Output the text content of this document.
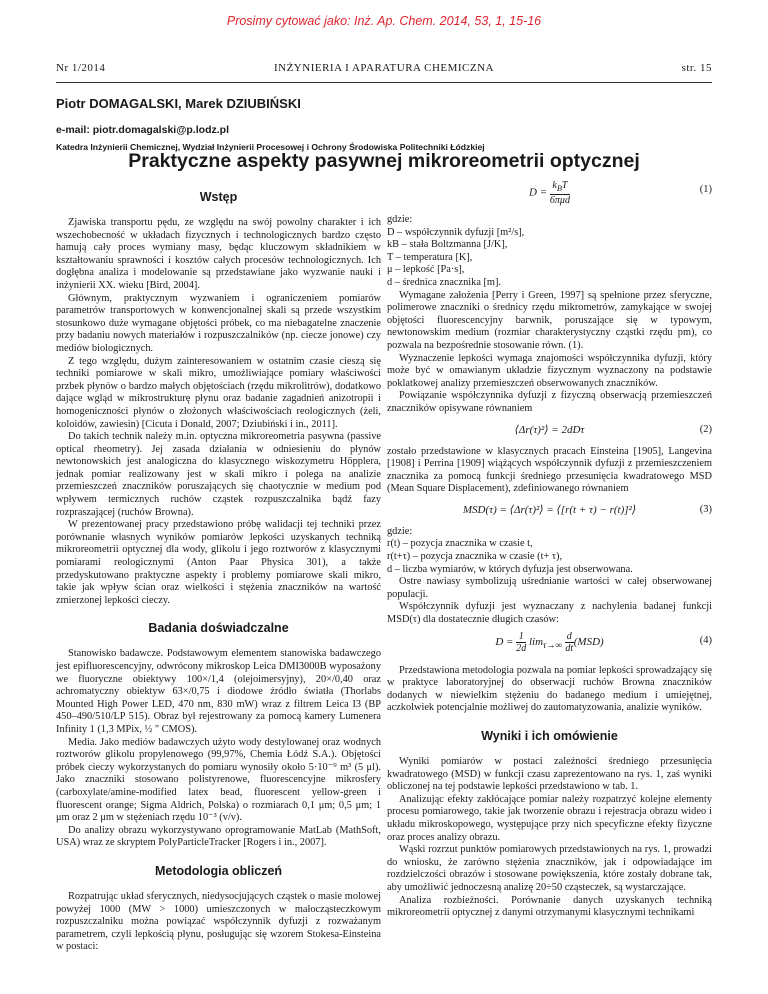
Prosimy cytować jako: Inż. Ap. Chem. 2014, 53, 1, 15-16
INŻYNIERIA I APARATURA CHEMICZNA
Nr 1/2014	str. 15
Piotr DOMAGALSKI, Marek DZIUBIŃSKI
e-mail: piotr.domagalski@p.lodz.pl
Katedra Inżynierii Chemicznej, Wydział Inżynierii Procesowej i Ochrony Środowiska Politechniki Łódzkiej
Praktyczne aspekty pasywnej mikroreometrii optycznej
Wstęp

Zjawiska transportu pędu, ze względu na swój powolny charakter i ich wszechobecność w układach fizycznych i technologicznych bardzo często hamują cały proces wymiany masy, będąc kluczowym składnikiem w kształtowaniu sprawności i kosztów całych procesów technologicznych. Ich dogłębna analiza i modelowanie są przedstawiane jako wyzwanie nauki i inżynierii XX. wieku [Bird, 2004].

Głównym, praktycznym wyzwaniem i ograniczeniem pomiarów parametrów transportowych w konwencjonalnej skali są przede wszystkim stosunkowo duże wymagane objętości próbek, co ma niebagatelne znaczenie przy badaniu nowych materiałów i rozpuszczalników (np. ciecze jonowe) czy mediów biologicznych.

Z tego względu, dużym zainteresowaniem w ostatnim czasie cieszą się techniki pomiarowe w skali mikro, umożliwiające pomiary właściwości przbek płynów o bardzo małych objętościach (rzędu mikrolitrów), dodatkowo dające wgląd w mikrostrukturę płynu oraz badanie zagadnień anizotropii i homogeniczności płynów o złożonych właściwościach reologicznych (żeli, koloidów, zawiesin) [Cicuta i Donald, 2007; Dziubiński i in., 2011].

Do takich technik należy m.in. optyczna mikroreometria pasywna (passive optical rheometry). Jej zasada działania w odniesieniu do płynów newtonowskich jest analogiczna do klasycznego wiskozymetru Höpplera, jednak pomiar realizowany jest w skali mikro i polega na analizie przemieszczeń znaczników poruszających się chaotycznie w medium pod wpływem termicznych ruchów cząstek rozpuszczalnika bądź fazy rozpraszającej (ruchów Browna).

W prezentowanej pracy przedstawiono próbę walidacji tej techniki przez porównanie własnych wyników pomiarów lepkości uzyskanych techniką mikroreometrii optycznej dla wody, glikolu i jego roztworów z klasycznymi pomiarami reologicznymi (Anton Paar Physica 301), a także przedyskutowano praktyczne aspekty i problemy pomiarowe skali mikro, takie jak wpływ ścian oraz wielkości i stężenia znaczników na wartość zmierzonej lepkości cieczy.

Badania doświadczalne

Stanowisko badawcze. Podstawowym elementem stanowiska badawczego jest epifluorescencyjny, odwrócony mikroskop Leica DMI3000B wyposażony we fluoryczne obiektywy 100×/1,4 (olejoimersyjny), 20×/0,40 oraz achromatyczny obiektyw 63×/0,75 i diodowe źródło światła (Thorlabs Mounted High Power LED, 470 nm, 830 mW) wraz z filtrem Leica I3 (BP 450–490/510/LP 515). Obraz był rejestrowany za pomocą kamery Lumenera Infinity 1 (1,3 MPix, ½ " CMOS).

Media. Jako mediów badawczych użyto wody destylowanej oraz wodnych roztworów glikolu propylenowego (99,97%, Chemia Łódź S.A.). Objętości próbek cieczy wykorzystanych do pomiaru wynosiły około 5·10⁻⁹ m³ (5 μl). Jako znaczniki stosowano polistyrenowe, fluorescencyjne mikrosfery (carboxylate/amine-modified latex bead, fluorescent yellow-green i fluorescent orange; Sigma Aldrich, Polska) o rozmiarach 0,1 μm; 0,5 μm; 1 μm oraz 2 μm w stężeniach rzędu 10⁻³ (v/v).

Do analizy obrazu wykorzystywano oprogramowanie MatLab (MathSoft, USA) wraz ze skryptem PolyParticleTracker [Rogers i in., 2007].

Metodologia obliczeń

Rozpatrując układ sferycznych, niedysocjujących cząstek o masie molowej powyżej 1000 (MW > 1000) umieszczonych w małocząsteczkowym rozpuszczalniku można powiązać współczynnik dyfuzji z rozważanym parametrem, czyli lepkością płynu, posługując się wzorem Stokesa-Einsteina w postaci:

$D = \frac{k_BT}{\text{6πμd}}$	(1)

gdzie:

D – współczynnik dyfuzji [m²/s],

kB – stała Boltzmanna [J/K],

T – temperatura [K],

μ – lepkość [Pa·s],

d – średnica znacznika [m].

Wymagane założenia [Perry i Green, 1997] są spełnione przez sferyczne, polimerowe znaczniki o średnicy rzędu mikrometrów, zamykające w swojej objętości fluorescencyjny barwnik, poruszające się w typowym, newtonowskim medium (rozmiar charakterystyczny cząstki rzędu pm), co pozwala na bezpośrednie stosowanie równ. (1).

Wyznaczenie lepkości wymaga znajomości współczynnika dyfuzji, który może być w omawianym układzie fizycznym wyznaczony na podstawie poklatkowej analizy przemieszczeń obserwowanych znaczników.

Powiązanie współczynnika dyfuzji z fizyczną obserwacją przemieszczeń znaczników opisywane równaniem

⟨Δr(τ)²⟩ = 2dDτ	(2)

zostało przedstawione w klasycznych pracach Einsteina [1905], Langevina [1908] i Perrina [1909] wiążących współczynnik dyfuzji z przemieszczeniem znacznika za pomocą funkcji średniego przesunięcia kwadratowego MSD (Mean Square Displacement), zdefiniowanego równaniem

MSD(τ) = ⟨Δr(τ)²⟩ = ⟨[r(t + τ) − r(t)]²⟩	(3)

gdzie:

r(t) – pozycja znacznika w czasie t,

r(t+τ) – pozycja znacznika w czasie (t+ τ),

d – liczba wymiarów, w których dyfuzja jest obserwowana.

Ostre nawiasy symbolizują uśrednianie wartości w całej obserwowanej populacji.

Współczynnik dyfuzji jest wyznaczany z nachylenia badanej funkcji MSD(τ) dla dostatecznie długich czasów:

$D = \frac{1}{2d} \lim_{\tau\to\infty} \frac{d}{dt} (MSD)$	(4)

Przedstawiona metodologia pozwala na pomiar lepkości sprowadzający się w praktyce laboratoryjnej do obserwacji ruchów Browna znaczników dodanych w niewielkim stężeniu do badanego medium i umiejętnej, aczkolwiek potencjalnie możliwej do zautomatyzowania, analizie wyników.

Wyniki i ich omówienie

Wyniki pomiarów w postaci zależności średniego przesunięcia kwadratowego (MSD) w funkcji czasu zaprezentowano na rys. 1, zaś wyniki obliczonej na tej podstawie lepkości przedstawiono w tab. 1.

Analizując efekty zakłócające pomiar należy rozpatrzyć kolejne elementy procesu pomiarowego, takie jak tworzenie obrazu i rejestracja obrazu wideo i układu mikroskopowego, występujące przy nich specyficzne efekty fizyczne oraz proces analizy obrazu.

Wąski rozrzut punktów pomiarowych przedstawionych na rys. 1, prowadzi do wniosku, że zarówno stężenia znaczników, jak i odpowiadające im rozdzielczości obrazów i stosowane powiększenia, które zostały dobrane tak, aby umożliwić jednoczesną analizę 20÷50 cząsteczek, są wystarczające.

Analiza rozbieżności. Porównanie danych uzyskanych techniką mikroreometrii optycznej z danymi otrzymanymi klasycznymi technikami
